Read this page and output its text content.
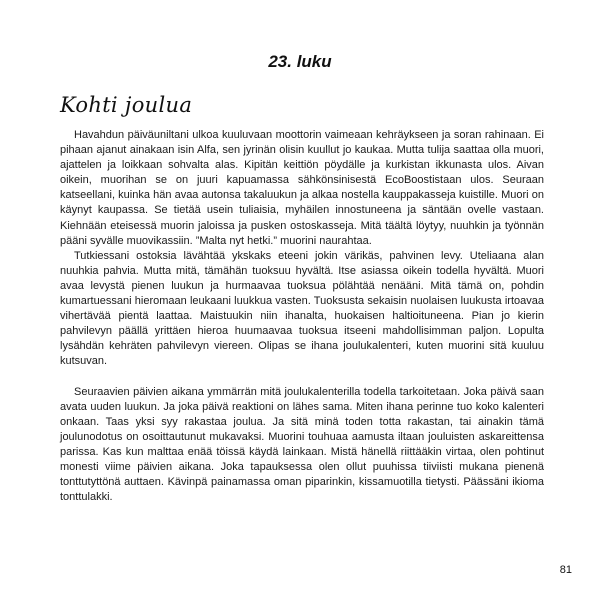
23. luku
Kohti joulua

Havahdun päiväuniltani ulkoa kuuluvaan moottorin vaimeaan kehräykseen ja soran rahinaan. Ei pihaan ajanut ainakaan isin Alfa, sen jyrinän olisin kuullut jo kaukaa. Mutta tulija saattaa olla muori, ajattelen ja loikkaan sohvalta alas. Kipitän keittiön pöydälle ja kurkistan ikkunasta ulos. Aivan oikein, muorihan se on juuri kapuamassa sähkönsinisestä EcoBoostistaan ulos. Seuraan katseellani, kuinka hän avaa autonsa takaluukun ja alkaa nostella kauppakasseja kuistille. Muori on käynyt kaupassa. Se tietää usein tuliaisia, myhäilen innostuneena ja säntään ovelle vastaan. Kiehnään eteisessä muorin jaloissa ja pusken ostoskasseja. Mitä täältä löytyy, nuuhkin ja työnnän pääni syvälle muovikassiin. ”Malta nyt hetki.” muorini naurahtaa.

Tutkiessani ostoksia lävähtää ykskaks eteeni jokin värikäs, pahvinen levy. Uteliaana alan nuuhkia pahvia. Mutta mitä, tämähän tuoksuu hyvältä. Itse asiassa oikein todella hyvältä. Muori avaa levystä pienen luukun ja hurmaavaa tuoksua pölähtää nenääni. Mitä tämä on, pohdin kumartuessani hieromaan leukaani luukkua vasten. Tuoksusta sekaisin nuolaisen luukusta irtoavaa vihertävää pientä laattaa. Maistuukin niin ihanalta, huokaisen haltioituneena. Pian jo kierin pahvilevyn päällä yrittäen hieroa huumaavaa tuoksua itseeni mahdollisimman paljon. Lopulta lysähdän kehräten pahvilevyn viereen. Olipas se ihana joulukalenteri, kuten muorini sitä kuuluu kutsuvan.

Seuraavien päivien aikana ymmärrän mitä joulukalenterilla todella tarkoitetaan. Joka päivä saan avata uuden luukun. Ja joka päivä reaktioni on lähes sama. Miten ihana perinne tuo koko kalenteri onkaan. Taas yksi syy rakastaa joulua. Ja sitä minä toden totta rakastan, tai ainakin tämä joulunodotus on osoittautunut mukavaksi. Muorini touhuaa aamusta iltaan jouluisten askareittensa parissa. Kas kun malttaa enää töissä käydä lainkaan. Mistä hänellä riittääkin virtaa, olen pohtinut monesti viime päivien aikana. Joka tapauksessa olen ollut puuhissa tiiviisti mukana pienenä tonttutyttönä auttaen. Kävinpä painamassa oman piparinkin, kissamuotilla tietysti. Päässäni ikioma tonttulakki.

81
